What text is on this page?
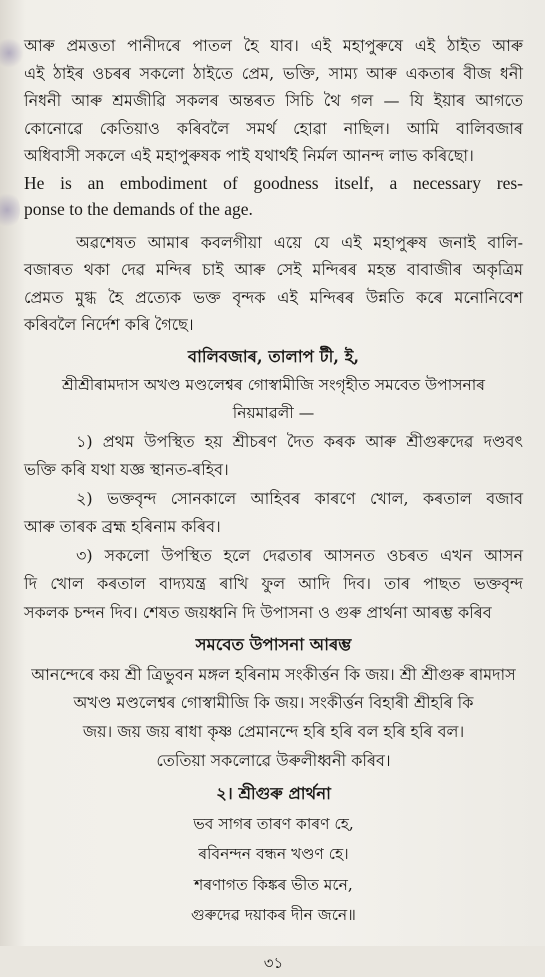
আৰু প্ৰমত্ততা পানীদৰে পাতল হৈ যাব। এই মহাপুৰুষে এই ঠাইত আৰু
এই ঠাইৰ ওচৰৰ সকলো ঠাইতে প্ৰেম, ভক্তি, সাম্য আৰু একতাৰ বীজ ধনী
নিধনী আৰু শ্ৰমজীৱি সকলৰ অন্তৰত সিচি থৈ গল — যি ইয়াৰ আগতে
কোনোৱে কেতিয়াও কৰিবলৈ সমৰ্থ হোৱা নাছিল। আমি বালিবজাৰ
অধিবাসী সকলে এই মহাপুৰুষক পাই যথাৰ্থই নিৰ্মল আনন্দ লাভ কৰিছো।

He is an embodiment of goodness itself, a necessary res-
ponse to the demands of the age.

অৱশেষত আমাৰ কবলগীয়া এয়ে যে এই মহাপুৰুষ জনাই বালি-
বজাৰত থকা দেৱ মন্দিৰ চাই আৰু সেই মন্দিৰৰ মহন্ত বাবাজীৰ অকৃত্ৰিম
প্ৰেমত মুগ্ধ হৈ প্ৰত্যেক ভক্ত বৃন্দক এই মন্দিৰৰ উন্নতি কৰে মনোনিবেশ
কৰিবলৈ নিৰ্দেশ কৰি গৈছে।

বালিবজাৰ, তালাপ টী, ই,

শ্ৰীশ্ৰীৰামদাস অখণ্ড মণ্ডলেশ্বৰ গোস্বামীজি সংগৃহীত সমবেত উপাসনাৰ

নিয়মাৱলী —

১) প্ৰথম উপস্থিত হয় শ্ৰীচৰণ দৈত কৰক আৰু শ্ৰীগুৰুদেৱ দণ্ডবৎ
ভক্তি কৰি যথা যজ্ঞ স্থানত-ৰহিব।
২) ভক্তবৃন্দ সোনকালে আহিবৰ কাৰণে খোল, কৰতাল বজাব
আৰু তাৰক ব্ৰহ্ম হৰিনাম কৰিব।
৩) সকলো উপস্থিত হলে দেৱতাৰ আসনত ওচৰত এখন আসন
দি খোল কৰতাল বাদ্যযন্ত্ৰ ৰাখি ফুল আদি দিব। তাৰ পাছত ভক্তবৃন্দ
সকলক চন্দন দিব। শেষত জয়ধ্বনি দি উপাসনা ও গুৰু প্ৰাৰ্থনা আৰম্ভ কৰিব

সমবেত উপাসনা আৰম্ভ

আনন্দেৰে কয় শ্ৰী ত্ৰিভুবন মঙ্গল হৰিনাম সংকীৰ্ত্তন কি জয়। শ্ৰী শ্ৰীগুৰু ৰামদাস

অখণ্ড মণ্ডলেশ্বৰ গোস্বামীজি কি জয়। সংকীৰ্ত্তন বিহাৰী শ্ৰীহৰি কি

জয়। জয় জয় ৰাধা কৃষ্ণ প্ৰেমানন্দে হৰি হৰি বল হৰি হৰি বল।

তেতিয়া সকলোৱে উৰুলীধ্বনী কৰিব।

২। শ্ৰীগুৰু প্ৰাৰ্থনা

ভব সাগৰ তাৰণ কাৰণ হে,

ৰবিনন্দন বন্ধন খণ্ডণ হে।

শৰণাগত কিঙ্কৰ ভীত মনে,

গুৰুদেৱ দয়াকৰ দীন জনে॥

৩১
